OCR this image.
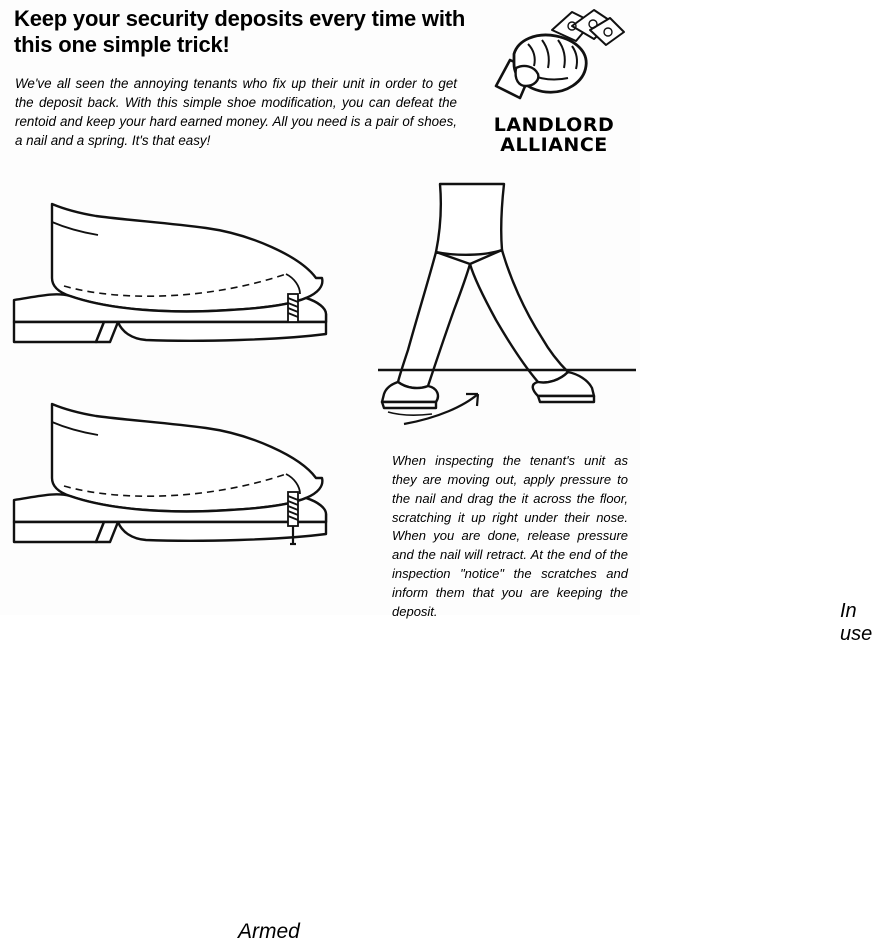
Keep your security deposits every time with this one simple trick!
We've all seen the annoying tenants who fix up their unit in order to get the deposit back. With this simple shoe modification, you can defeat the rentoid and keep your hard earned money. All you need is a pair of shoes, a nail and a spring. It's that easy!
LANDLORD
ALLIANCE
Armed
In use
When inspecting the tenant's unit as they are moving out, apply pressure to the nail and drag the it across the floor, scratching it up right under their nose. When you are done, release pressure and the nail will retract. At the end of the inspection "notice" the scratches and inform them that you are keeping the deposit.
